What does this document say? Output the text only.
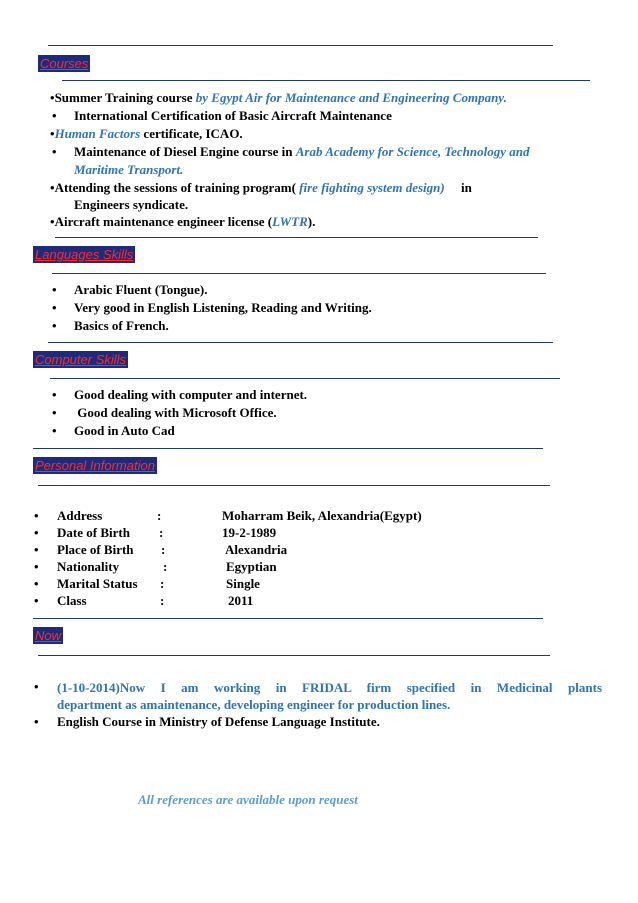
Courses
•Summer Training course by Egypt Air for Maintenance and Engineering Company.
• International Certification of Basic Aircraft Maintenance
•Human Factors certificate, ICAO.
• Maintenance of Diesel Engine course in Arab Academy for Science, Technology and
Maritime Transport.
•Attending the sessions of training program( fire fighting system design)     in
Engineers syndicate.
•Aircraft maintenance engineer license (LWTR).
Languages Skills
• Arabic Fluent (Tongue).
• Very good in English Listening, Reading and Writing.
• Basics of French.
Computer Skills
• Good dealing with computer and internet.
• Good dealing with Microsoft Office.
• Good in Auto Cad
Personal Information
• Address	:	Moharram Beik, Alexandria(Egypt)
• Date of Birth :	19-2-1989
• Place of Birth :	Alexandria
• Nationality	:	Egyptian
• Marital Status :	Single
• Class	:	2011
Now
• (1-10-2014)Now I am working in FRIDAL firm specified in Medicinal plants
department as amaintenance, developing engineer for production lines.
• English Course in Ministry of Defense Language Institute.
All references are available upon request
